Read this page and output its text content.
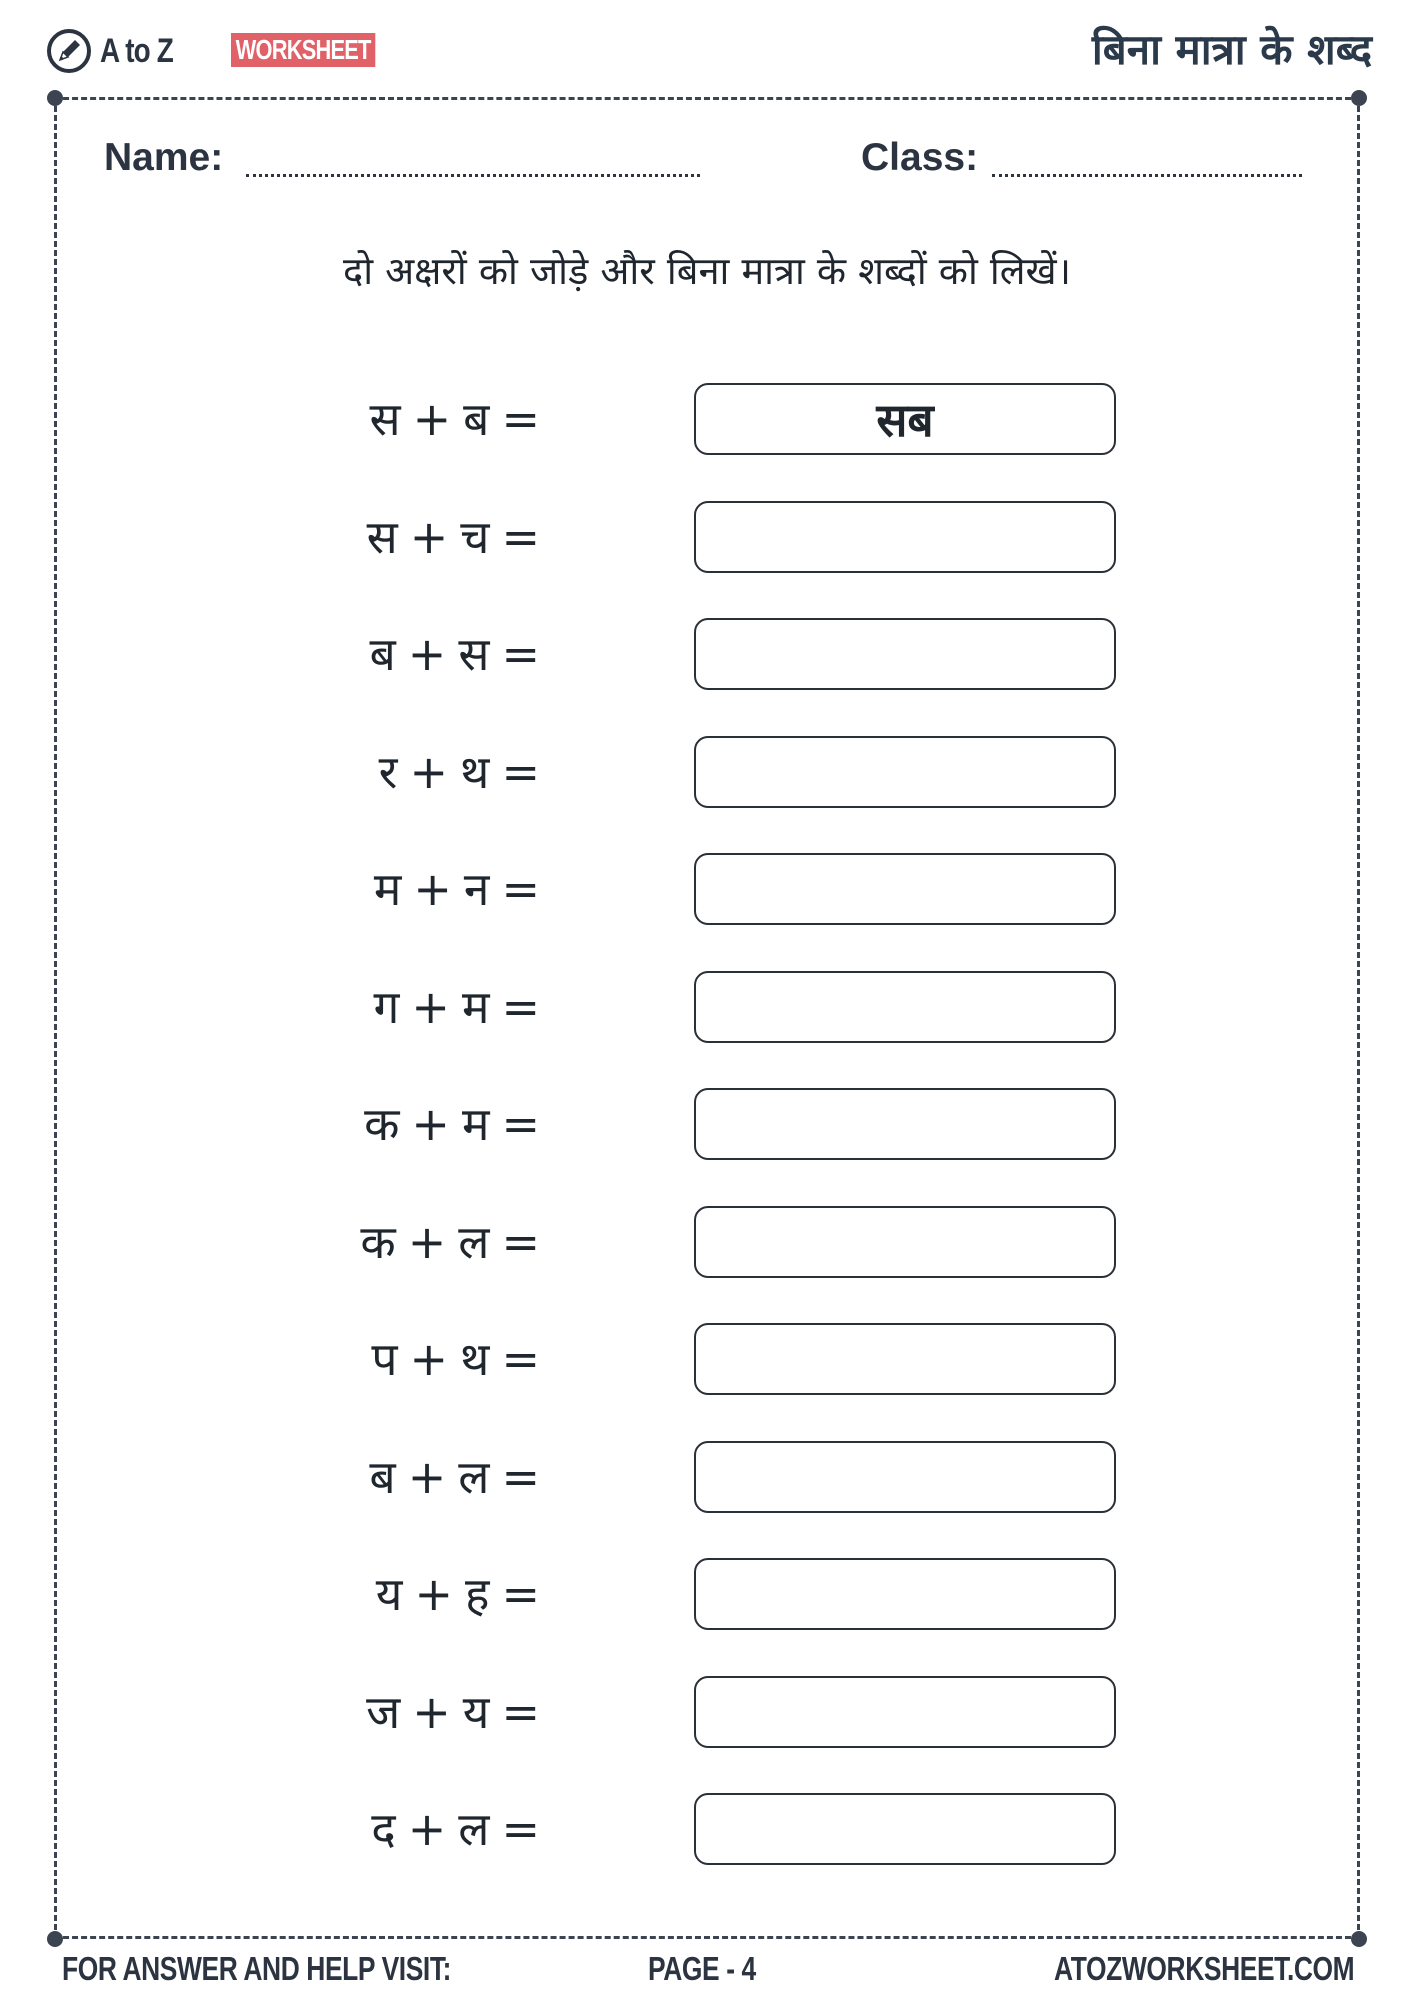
A to Z WORKSHEET	बिना मात्रा के शब्द
Name:	Class:
दो अक्षरों को जोड़े और बिना मात्रा के शब्दों को लिखें।
स + ब =	सब
स + च =
ब + स =
र + थ =
म + न =
ग + म =
क + म =
क + ल =
प + थ =
ब + ल =
य + ह =
ज + य =
द + ल =
FOR ANSWER AND HELP VISIT:	PAGE - 4	ATOZWORKSHEET.COM
